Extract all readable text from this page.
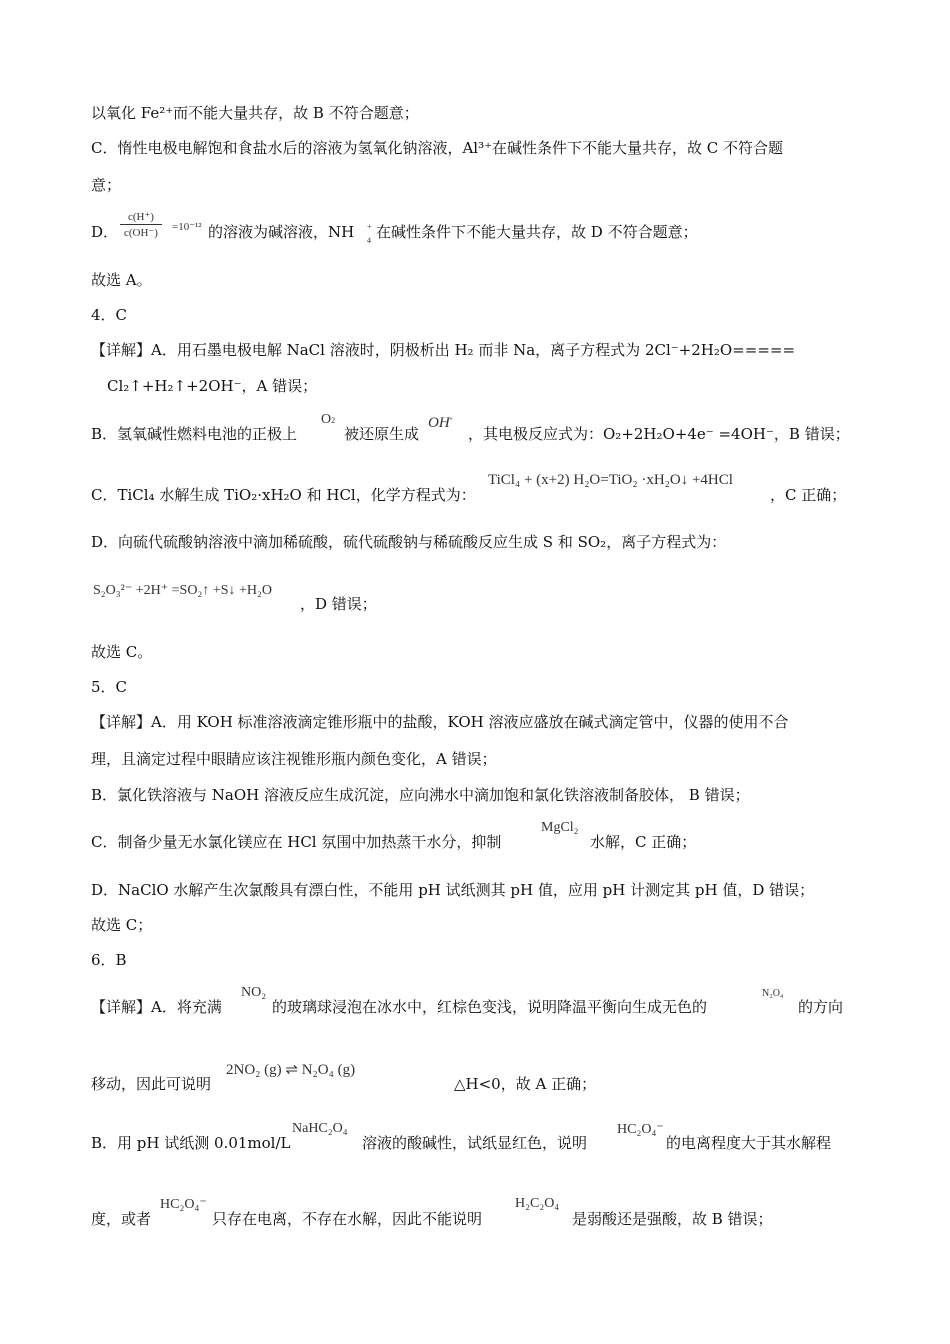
以氧化 Fe²⁺而不能大量共存，故 B 不符合题意；
C．惰性电极电解饱和食盐水后的溶液为氢氧化钠溶液，Al³⁺在碱性条件下不能大量共存，故 C 不符合题
意；
D． $\frac{c(H^+)}{c(OH^-)} =10^{-12}$ 的溶液为碱溶液，NH +
4 在碱性条件下不能大量共存，故 D 不符合题意；
故选 A。
4．C
【详解】A．用石墨电极电解 NaCl 溶液时，阴极析出 H₂ 而非 Na，离子方程式为 2Cl⁻+2H₂O=====
Cl₂↑+H₂↑+2OH⁻，A 错误；
B．氢氧碱性燃料电池的正极上
O2
被还原生成
OH-
，其电极反应式为：O₂+2H₂O+4e⁻ =4OH⁻，B 错误；
C．TiCl₄ 水解生成 TiO₂·xH₂O 和 HCl，化学方程式为：
TiCl₄ + (x+2) H₂O=TiO₂ ·xH₂O↓ +4HCl
，C 正确；
D．向硫代硫酸钠溶液中滴加稀硫酸，硫代硫酸钠与稀硫酸反应生成 S 和 SO₂，离子方程式为：
S₂O₃²⁻ +2H⁺ =SO₂↑ +S↓ +H₂O
，D 错误；
故选 C。
5．C
【详解】A．用 KOH 标准溶液滴定锥形瓶中的盐酸，KOH 溶液应盛放在碱式滴定管中，仪器的使用不合
理，且滴定过程中眼睛应该注视锥形瓶内颜色变化，A 错误；
B．氯化铁溶液与 NaOH 溶液反应生成沉淀，应向沸水中滴加饱和氯化铁溶液制备胶体， B 错误；
C．制备少量无水氯化镁应在 HCl 氛围中加热蒸干水分，抑制
MgCl₂
水解，C 正确；
D．NaClO 水解产生次氯酸具有漂白性，不能用 pH 试纸测其 pH 值，应用 pH 计测定其 pH 值，D 错误；
故选 C；
6．B
【详解】A．将充满
NO₂
的玻璃球浸泡在冰水中，红棕色变浅，说明降温平衡向生成无色的
N₂O₄
的方向
移动，因此可说明
2NO₂ (g) ⇌ N₂O₄ (g)
△H<0，故 A 正确；
B．用 pH 试纸测 0.01mol/L
NaHC₂O₄
溶液的酸碱性，试纸显红色，说明
HC₂O₄⁻
的电离程度大于其水解程
度，或者
HC₂O₄⁻
只存在电离，不存在水解，因此不能说明
H₂C₂O₄
是弱酸还是强酸，故 B 错误；
